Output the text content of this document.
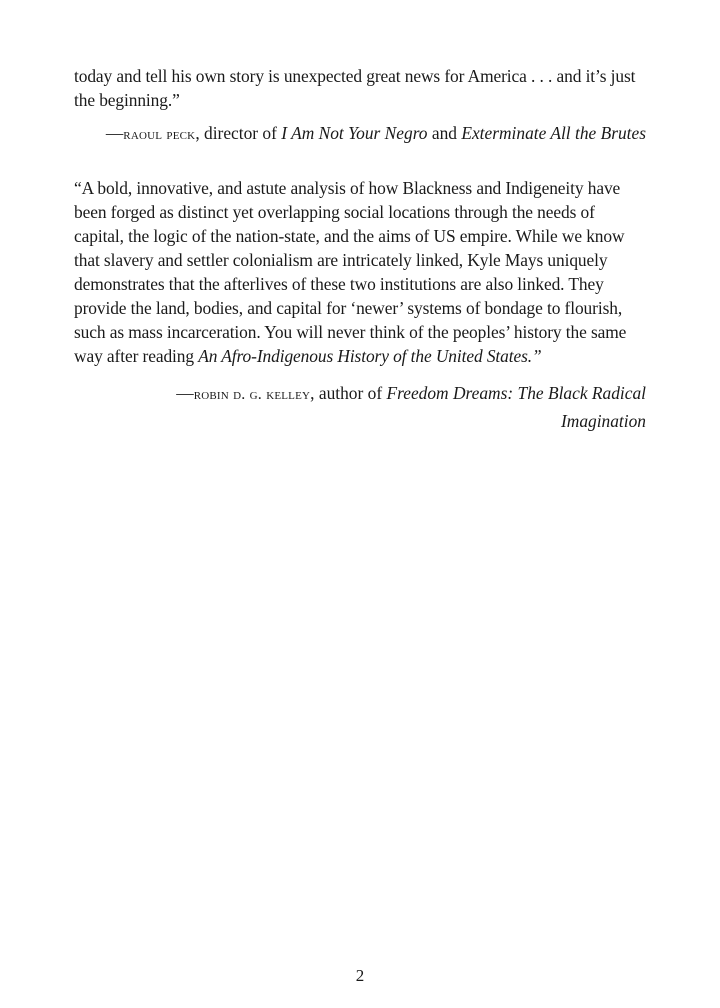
today and tell his own story is unexpected great news for America . . . and it’s just the beginning.”

—raoul peck, director of I Am Not Your Negro and Exterminate All the Brutes

“A bold, innovative, and astute analysis of how Blackness and Indigeneity have been forged as distinct yet overlapping social locations through the needs of capital, the logic of the nation-state, and the aims of US empire. While we know that slavery and settler colonialism are intricately linked, Kyle Mays uniquely demonstrates that the afterlives of these two institutions are also linked. They provide the land, bodies, and capital for ‘newer’ systems of bondage to flourish, such as mass incarceration. You will never think of the peoples’ history the same way after reading An Afro-Indigenous History of the United States.”

—robin d. g. kelley, author of Freedom Dreams: The Black Radical Imagination

2
